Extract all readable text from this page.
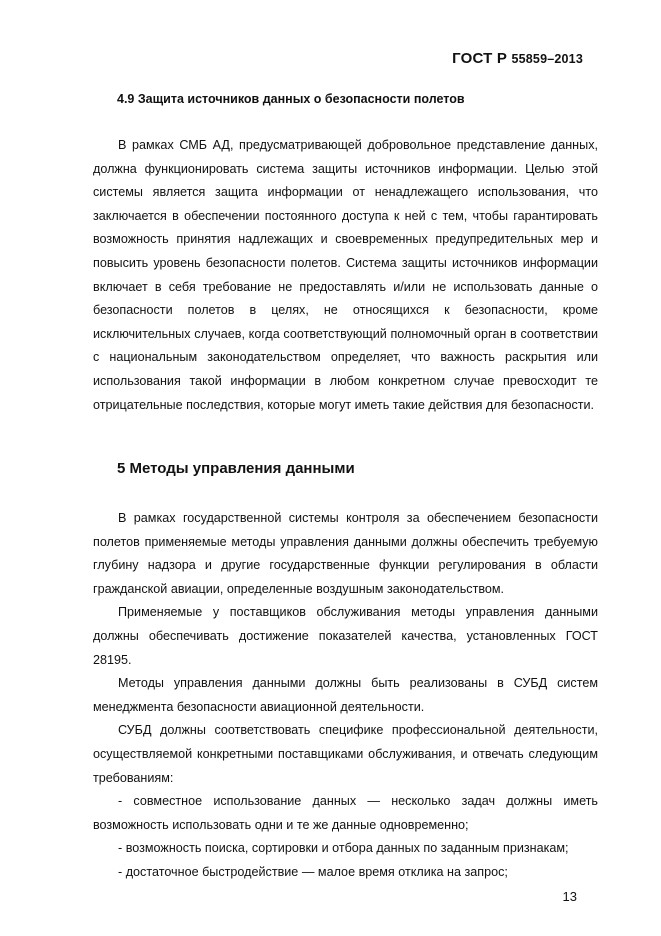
ГОСТ Р 55859–2013
4.9 Защита источников данных о безопасности полетов

В рамках СМБ АД, предусматривающей добровольное представление данных, должна функционировать система защиты источников информации. Целью этой системы является защита информации от ненадлежащего использования, что заключается в обеспечении постоянного доступа к ней с тем, чтобы гарантировать возможность принятия надлежащих и своевременных предупредительных мер и повысить уровень безопасности полетов. Система защиты источников информации включает в себя требование не предоставлять и/или не использовать данные о безопасности полетов в целях, не относящихся к безопасности, кроме исключительных случаев, когда соответствующий полномочный орган в соответствии с национальным законодательством определяет, что важность раскрытия или использования такой информации в любом конкретном случае превосходит те отрицательные последствия, которые могут иметь такие действия для безопасности.

5 Методы управления данными

В рамках государственной системы контроля за обеспечением безопасности полетов применяемые методы управления данными должны обеспечить требуемую глубину надзора и другие государственные функции регулирования в области гражданской авиации, определенные воздушным законодательством.

Применяемые у поставщиков обслуживания методы управления данными должны обеспечивать достижение показателей качества, установленных ГОСТ 28195.

Методы управления данными должны быть реализованы в СУБД систем менеджмента безопасности авиационной деятельности.

СУБД должны соответствовать специфике профессиональной деятельности, осуществляемой конкретными поставщиками обслуживания, и отвечать следующим требованиям:

- совместное использование данных — несколько задач должны иметь возможность использовать одни и те же данные одновременно;

- возможность поиска, сортировки и отбора данных по заданным признакам;

- достаточное быстродействие — малое время отклика на запрос;

13
